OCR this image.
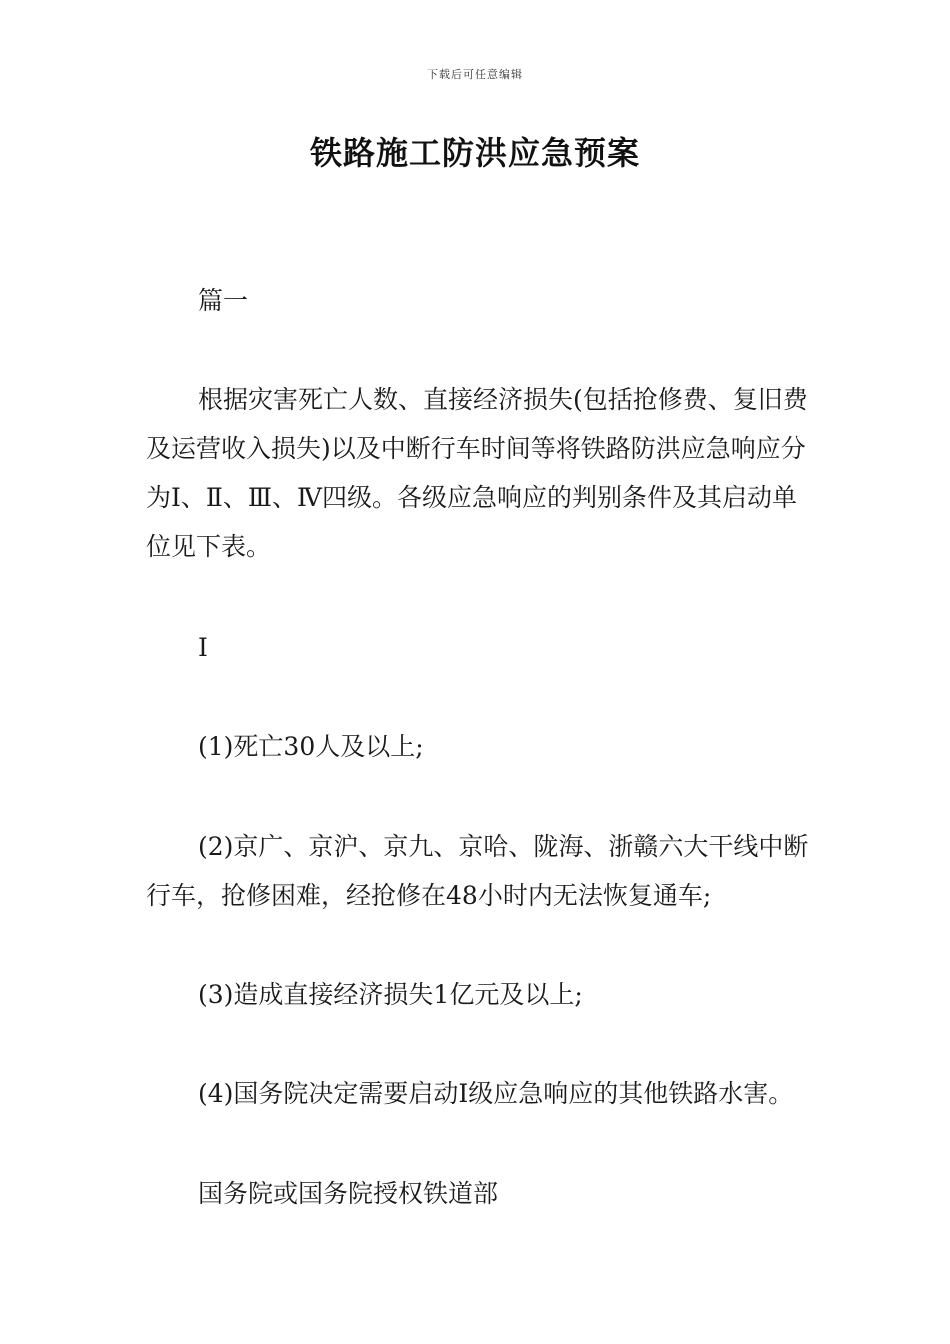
下载后可任意编辑
铁路施工防洪应急预案

篇一

根据灾害死亡人数、直接经济损失(包括抢修费、复旧费及运营收入损失)以及中断行车时间等将铁路防洪应急响应分为Ⅰ、Ⅱ、Ⅲ、Ⅳ四级。各级应急响应的判别条件及其启动单位见下表。

Ⅰ

(1)死亡30人及以上;

(2)京广、京沪、京九、京哈、陇海、浙赣六大干线中断行车，抢修困难，经抢修在48小时内无法恢复通车;

(3)造成直接经济损失1亿元及以上;

(4)国务院决定需要启动Ⅰ级应急响应的其他铁路水害。

国务院或国务院授权铁道部
